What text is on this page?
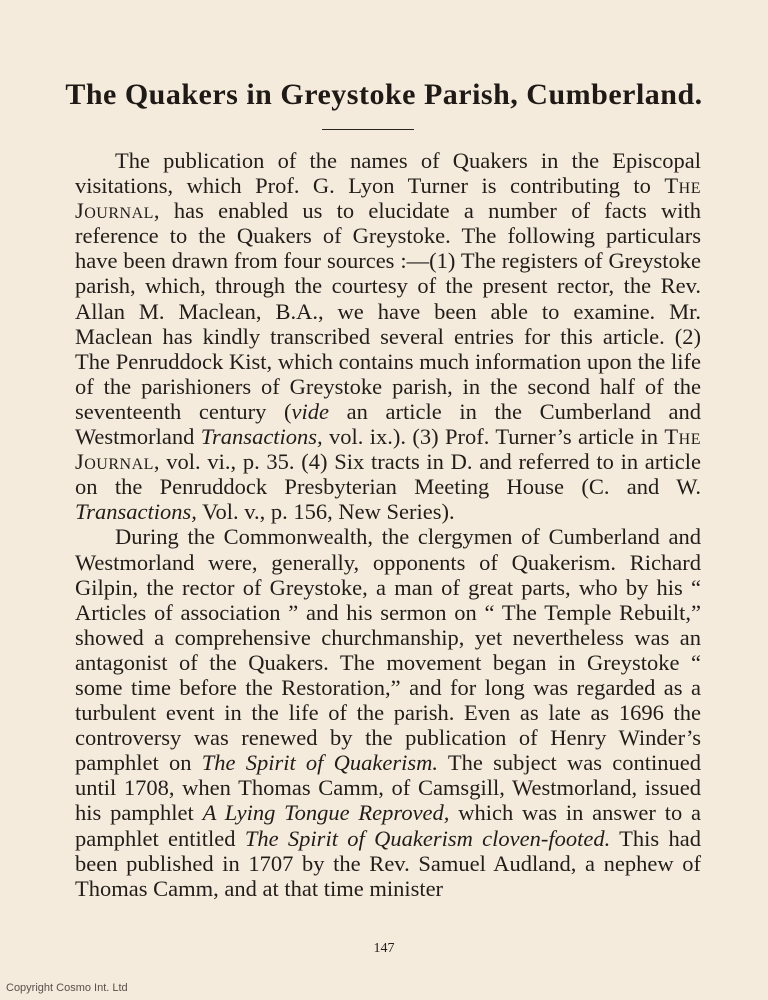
The Quakers in Greystoke Parish, Cumberland.

The publication of the names of Quakers in the Episcopal visitations, which Prof. G. Lyon Turner is contributing to The Journal, has enabled us to elucidate a number of facts with reference to the Quakers of Greystoke. The following particulars have been drawn from four sources :—(1) The registers of Greystoke parish, which, through the courtesy of the present rector, the Rev. Allan M. Maclean, B.A., we have been able to examine. Mr. Maclean has kindly transcribed several entries for this article. (2) The Penruddock Kist, which contains much information upon the life of the parishioners of Greystoke parish, in the second half of the seventeenth century (vide an article in the Cumberland and Westmorland Transactions, vol. ix.). (3) Prof. Turner’s article in The Journal, vol. vi., p. 35. (4) Six tracts in D. and referred to in article on the Penruddock Presbyterian Meeting House (C. and W. Transactions, Vol. v., p. 156, New Series).

During the Commonwealth, the clergymen of Cumberland and Westmorland were, generally, opponents of Quakerism. Richard Gilpin, the rector of Greystoke, a man of great parts, who by his “ Articles of association ” and his sermon on “ The Temple Rebuilt,” showed a comprehensive churchmanship, yet nevertheless was an antagonist of the Quakers. The movement began in Greystoke “ some time before the Restoration,” and for long was regarded as a turbulent event in the life of the parish. Even as late as 1696 the controversy was renewed by the publication of Henry Winder’s pamphlet on The Spirit of Quakerism. The subject was continued until 1708, when Thomas Camm, of Camsgill, Westmorland, issued his pamphlet A Lying Tongue Reproved, which was in answer to a pamphlet entitled The Spirit of Quakerism cloven-footed. This had been published in 1707 by the Rev. Samuel Audland, a nephew of Thomas Camm, and at that time minister

147
Copyright Cosmo Int. Ltd
